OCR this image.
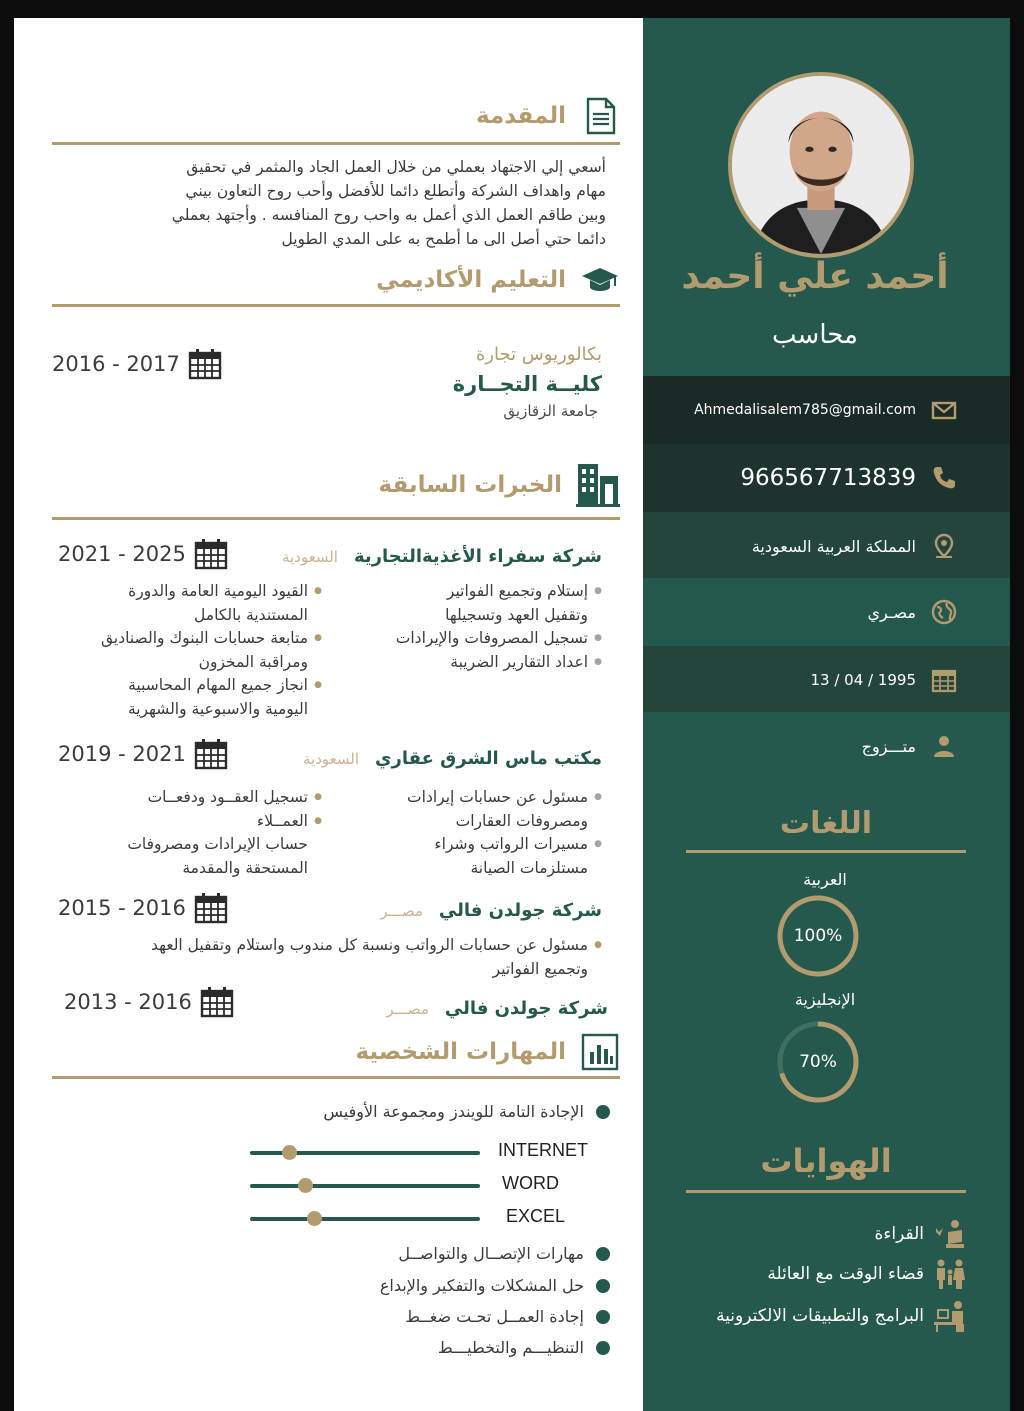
أحمد علي أحمد
محاسب
Ahmedalisalem785@gmail.com
966567713839
المملكة العربية السعودية
مصـري
13 / 04 / 1995
متـــزوج
اللغات
العربية
100%
الإنجليزية
70%
الهوايات
القراءة
قضاء الوقت مع العائلة
البرامج والتطبيقات الالكترونية
المقدمة
أسعي إلي الاجتهاد بعملي من خلال العمل الجاد والمثمر في تحقيق
مهام واهداف الشركة وأتطلع دائما للأفضل وأحب روح التعاون بيني
وبين طاقم العمل الذي أعمل به واحب روح المنافسه . وأجتهد بعملي
دائما حتي أصل الى ما أطمح به على المدي الطويل
التعليم الأكاديمي
بكالوريوس تجارة
كليــة التجــارة
جامعة الزقازيق
2016 - 2017
الخبرات السابقة
السعودية شركة سفراء الأغذيةالتجارية
2021 - 2025
● إستلام وتجميع الفواتير
وتقفيل العهد وتسجيلها
● تسجيل المصروفات والإيرادات
● اعداد التقارير الضريبة
● القيود اليومية العامة والدورة
المستندية بالكامل
● متابعة حسابات البنوك والصناديق
ومراقبة المخزون
● انجاز جميع المهام المحاسبية
اليومية والاسبوعية والشهرية
السعودية مكتب ماس الشرق عقاري
2019 - 2021
● مسئول عن حسابات إيرادات
ومصروفات العقارات
● مسيرات الرواتب وشراء
مستلزمات الصيانة
● تسجيل العقــود ودفعــات
● العمــلاء
حساب الإيرادات ومصروفات
المستحقة والمقدمة
مصـــر شركة جولدن فالي
2015 - 2016
● مسئول عن حسابات الرواتب ونسبة كل مندوب واستلام وتقفيل العهد
وتجميع الفواتير
مصـــر شركة جولدن فالي
2013 - 2016
المهارات الشخصية
الإجادة التامة للويندز ومجموعة الأوفيس
INTERNET
WORD
EXCEL
مهارات الإتصــال والتواصــل
حل المشكلات والتفكير والإبداع
إجادة العمــل تحـت ضغــط
التنظيـــم والتخطيـــط
